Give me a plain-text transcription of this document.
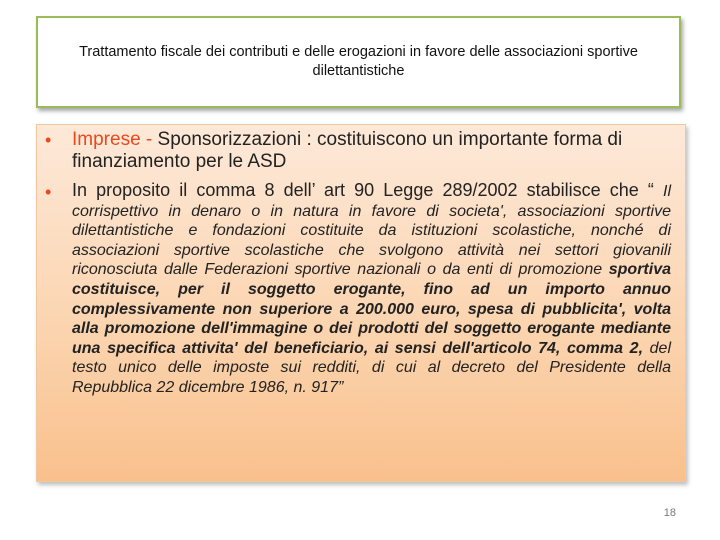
Trattamento fiscale dei contributi e delle erogazioni in favore delle associazioni sportive dilettantistiche
• Imprese - Sponsorizzazioni : costituiscono un importante forma di finanziamento per le ASD
• In proposito il comma 8 dell’ art 90 Legge 289/2002 stabilisce che “ Il corrispettivo in denaro o in natura in favore di societa', associazioni sportive dilettantistiche e fondazioni costituite da istituzioni scolastiche, nonché di associazioni sportive scolastiche che svolgono attività nei settori giovanili riconosciuta dalle Federazioni sportive nazionali o da enti di promozione sportiva costituisce, per il soggetto erogante, fino ad un importo annuo complessivamente non superiore a 200.000 euro, spesa di pubblicita', volta alla promozione dell'immagine o dei prodotti del soggetto erogante mediante una specifica attivita' del beneficiario, ai sensi dell'articolo 74, comma 2, del testo unico delle imposte sui redditi, di cui al decreto del Presidente della Repubblica 22 dicembre 1986, n. 917”
18
